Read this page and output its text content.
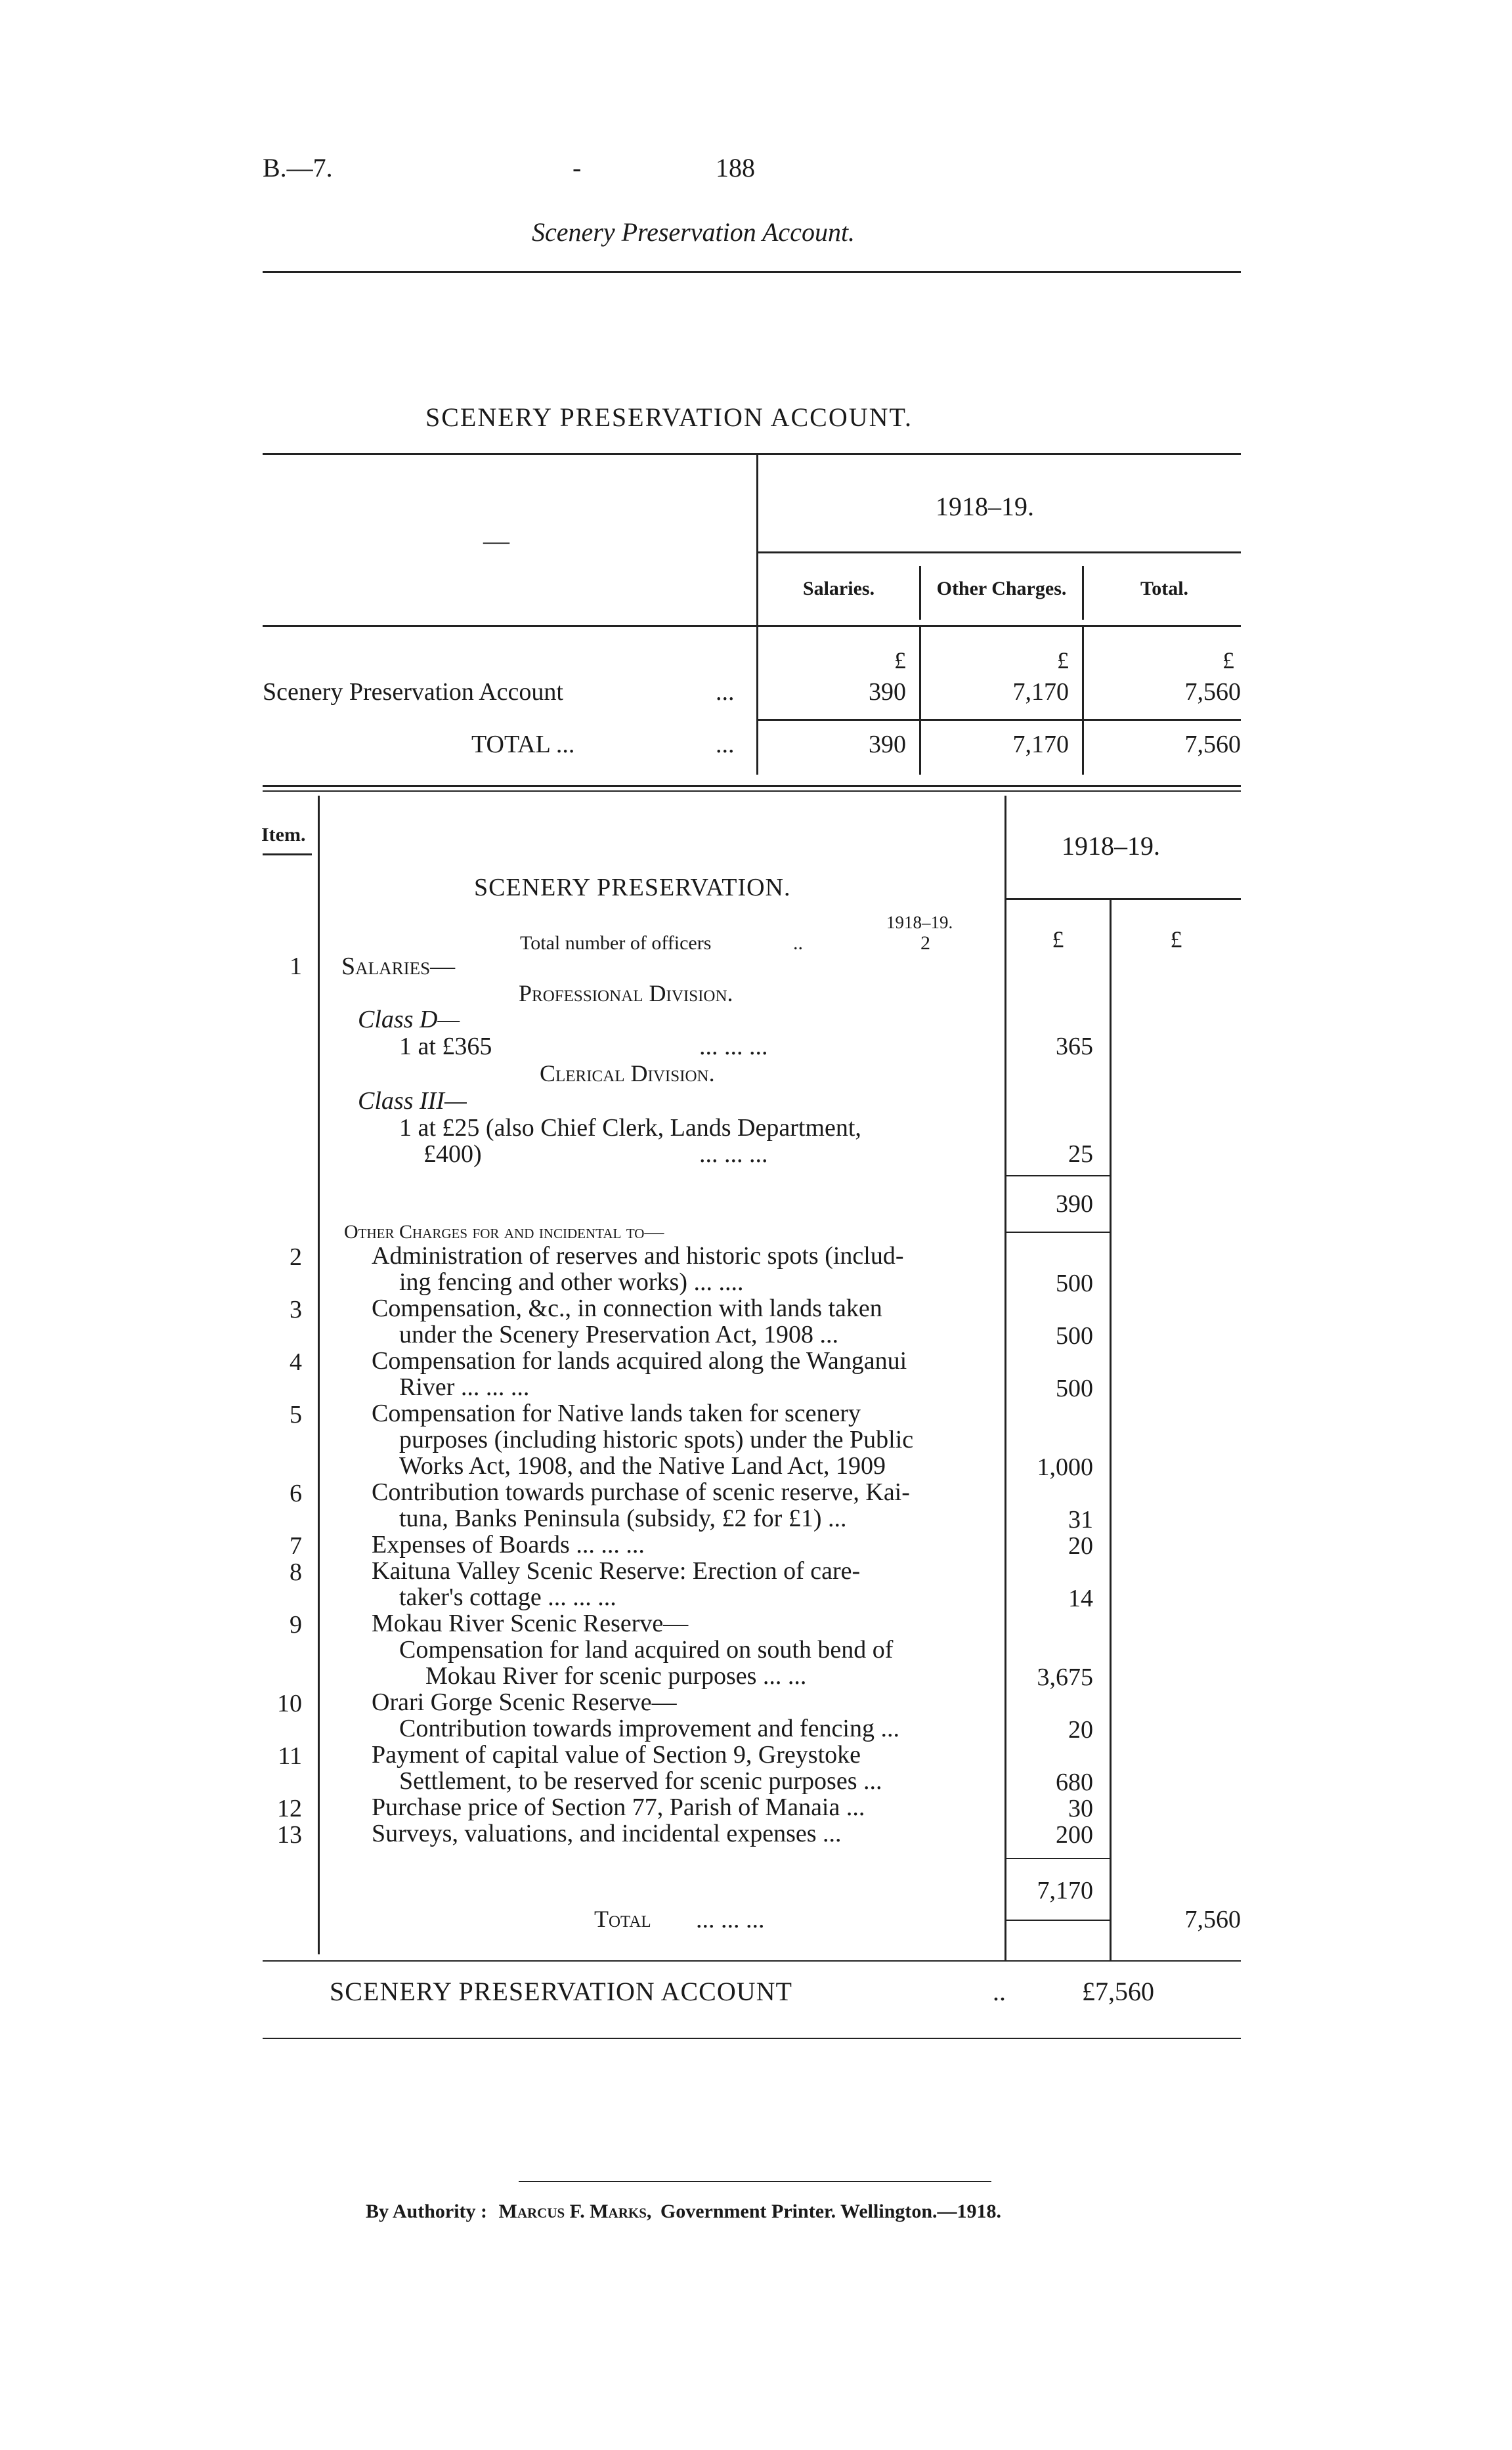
B.—7.	-	188
Scenery Preservation Account.
SCENERY PRESERVATION ACCOUNT.
—
1918–19.
Salaries.	Other Charges.	Total.
£	£	£
Scenery Preservation Account	...	390	7,170	7,560
TOTAL ...	...	390	7,170	7,560
Item.	1918–19.
£	£
SCENERY PRESERVATION.
1918–19.
Total number of officers	..	2
1 Salaries—
Professional Division.
Class D—
1 at £365	... ... ...	365
Clerical Division.
Class III—
1 at £25 (also Chief Clerk, Lands Department,
£400)	... ... ...	25
390
Other Charges for and incidental to—
2	Administration of reserves and historic spots (includ-
ing fencing and other works) ... ....	500
3	Compensation, &c., in connection with lands taken
under the Scenery Preservation Act, 1908 ...	500
4	Compensation for lands acquired along the Wanganui
River ... ... ...	500
5	Compensation for Native lands taken for scenery
purposes (including historic spots) under the Public
Works Act, 1908, and the Native Land Act, 1909	1,000
6	Contribution towards purchase of scenic reserve, Kai-
tuna, Banks Peninsula (subsidy, £2 for £1) ...	31
7	Expenses of Boards ... ... ...	20
8	Kaituna Valley Scenic Reserve: Erection of care-
taker's cottage ... ... ...	14
9	Mokau River Scenic Reserve—
Compensation for land acquired on south bend of
Mokau River for scenic purposes ... ...	3,675
10	Orari Gorge Scenic Reserve—
Contribution towards improvement and fencing ...	20
11	Payment of capital value of Section 9, Greystoke
Settlement, to be reserved for scenic purposes ...	680
12	Purchase price of Section 77, Parish of Manaia ...	30
13	Surveys, valuations, and incidental expenses ...	200
7,170
Total ... ... ...	7,560
SCENERY PRESERVATION ACCOUNT	..	£7,560
By Authority : Marcus F. Marks, Government Printer. Wellington.—1918.
